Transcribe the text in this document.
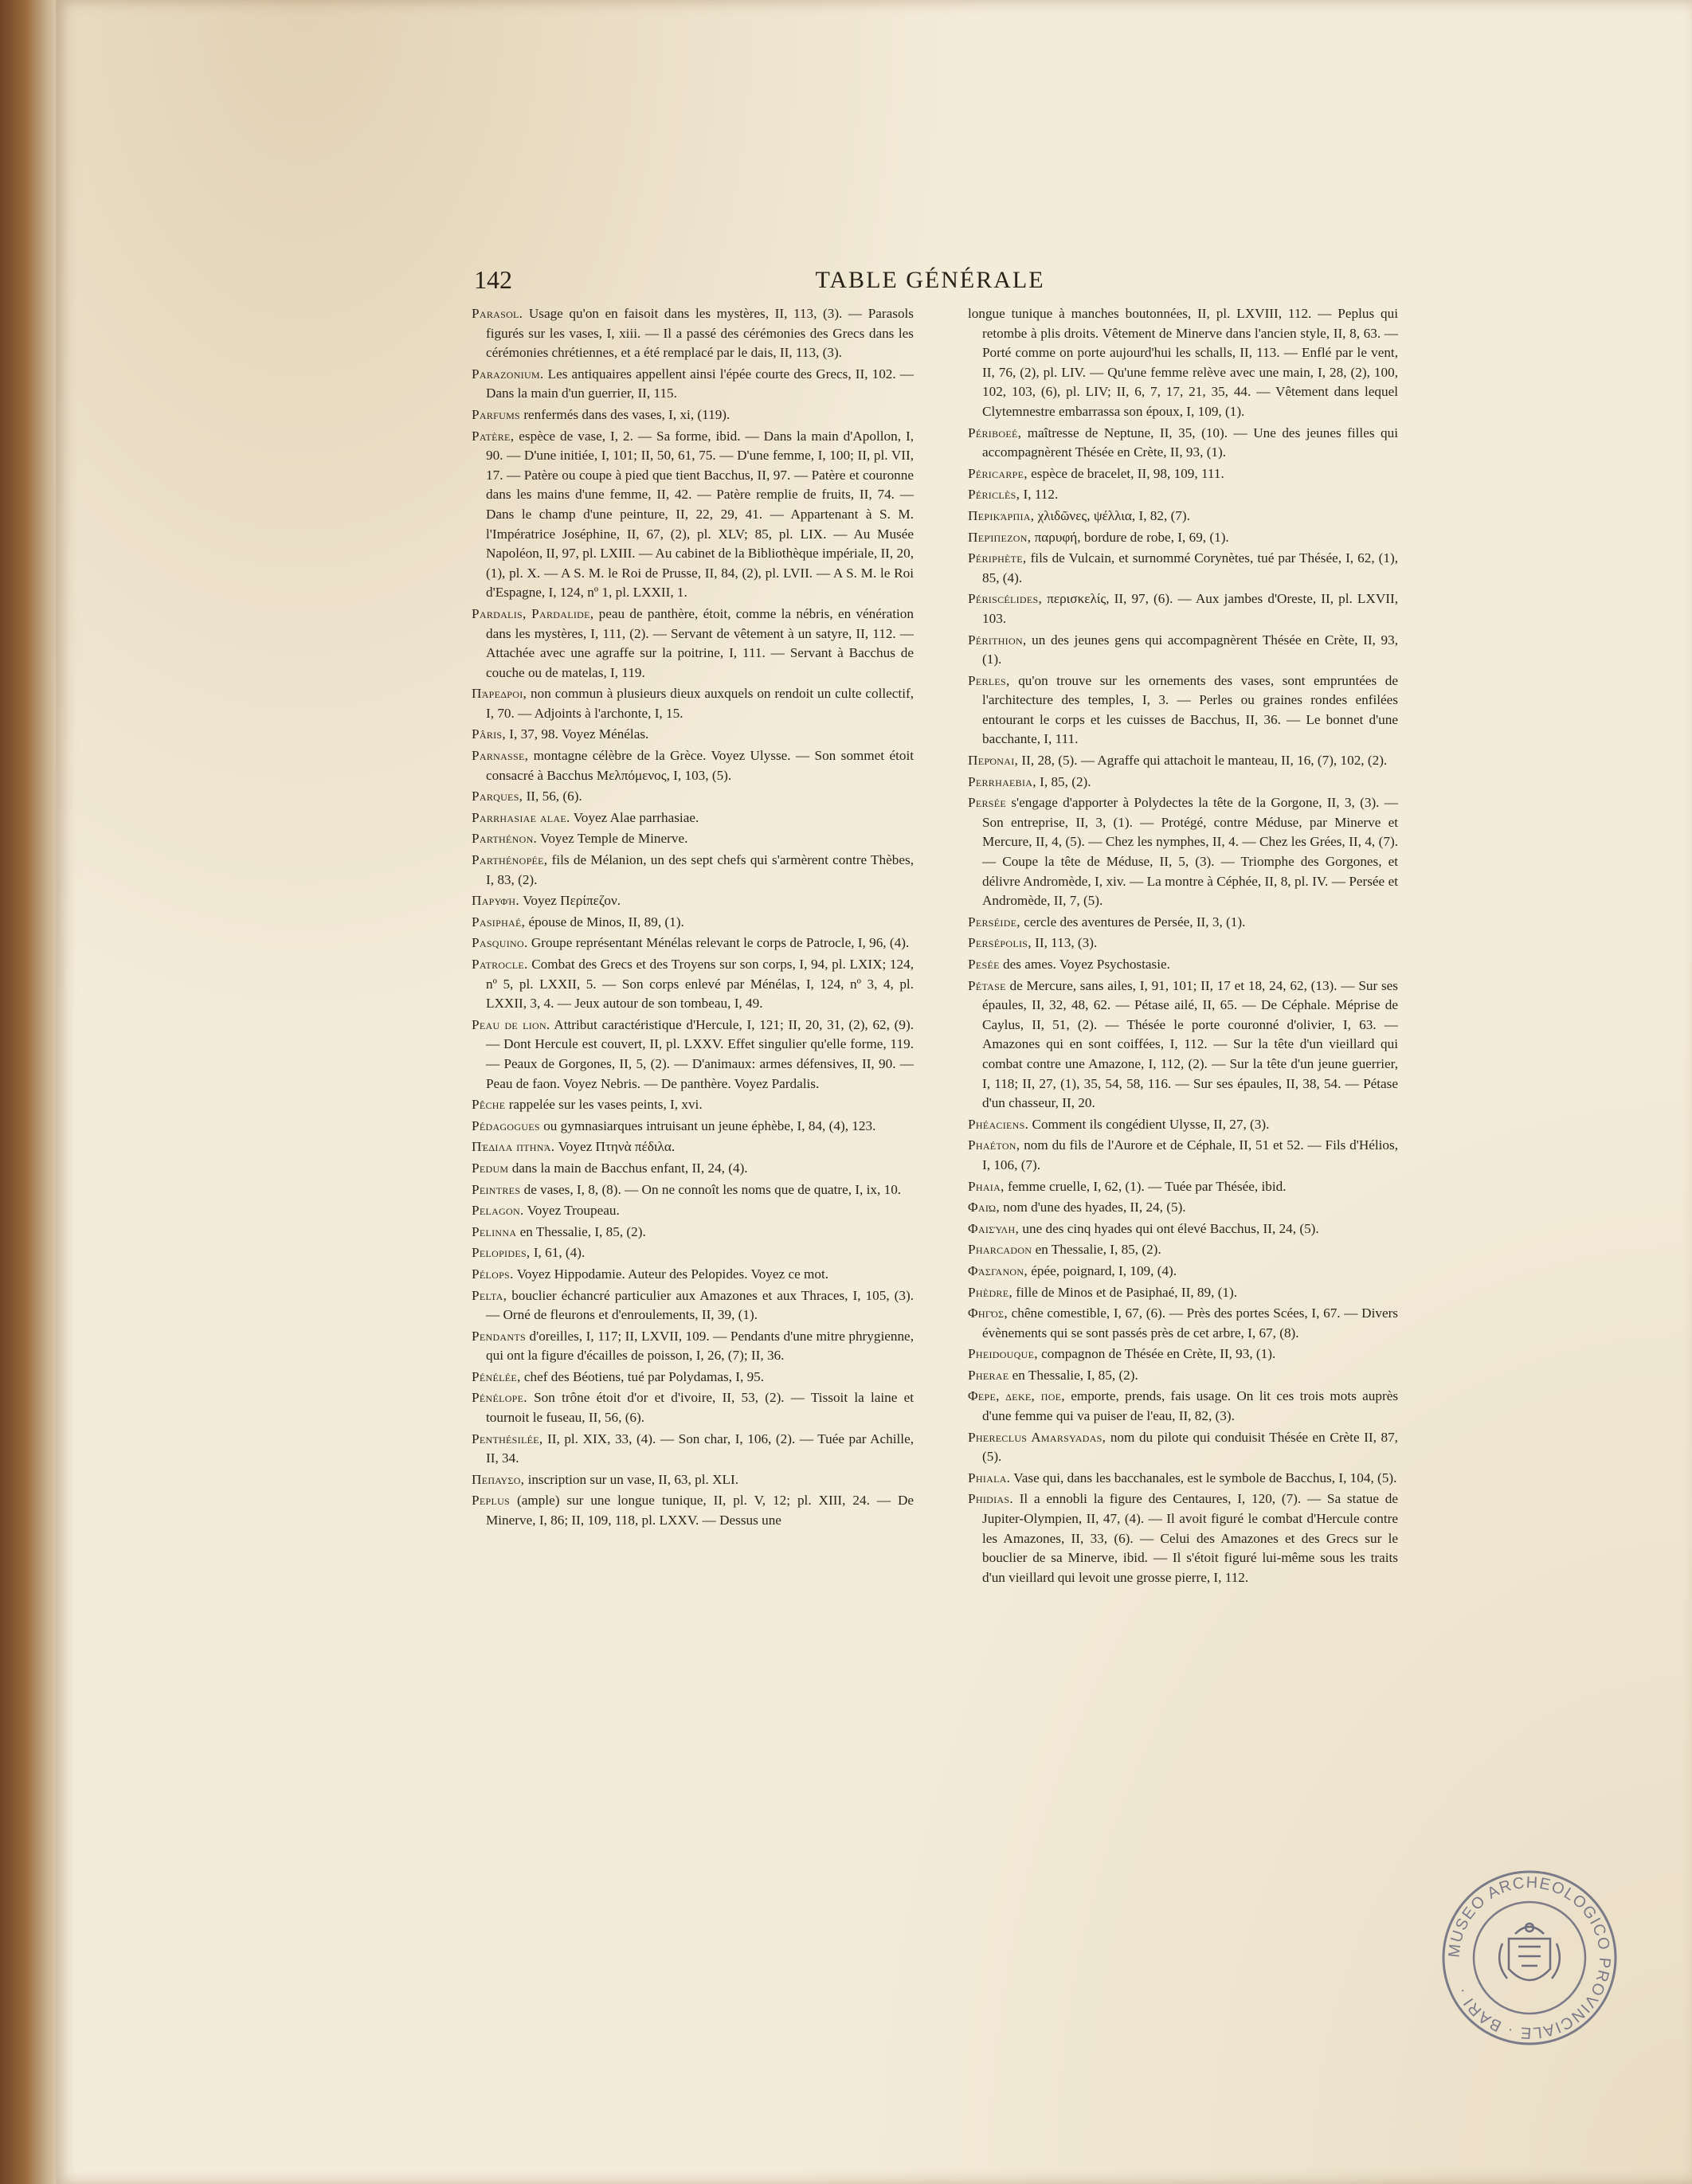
142	TABLE GÉNÉRALE

Parasol. Usage qu'on en faisoit dans les mystères, II, 113, (3). — Parasols figurés sur les vases, I, xiii. — Il a passé des cérémonies des Grecs dans les cérémonies chrétiennes, et a été remplacé par le dais, II, 113, (3).

Parazonium. Les antiquaires appellent ainsi l'épée courte des Grecs, II, 102. — Dans la main d'un guerrier, II, 115.

Parfums renfermés dans des vases, I, xi, (119).

Patère, espèce de vase, I, 2. — Sa forme, ibid. — Dans la main d'Apollon, I, 90. — D'une initiée, I, 101; II, 50, 61, 75. — D'une femme, I, 100; II, pl. VII, 17. — Patère ou coupe à pied que tient Bacchus, II, 97. — Patère et couronne dans les mains d'une femme, II, 42. — Patère remplie de fruits, II, 74. — Dans le champ d'une peinture, II, 22, 29, 41. — Appartenant à S. M. l'Impératrice Joséphine, II, 67, (2), pl. XLV; 85, pl. LIX. — Au Musée Napoléon, II, 97, pl. LXIII. — Au cabinet de la Bibliothèque impériale, II, 20, (1), pl. X. — A S. M. le Roi de Prusse, II, 84, (2), pl. LVII. — A S. M. le Roi d'Espagne, I, 124, nº 1, pl. LXXII, 1.

Pardalis, Pardalide, peau de panthère, étoit, comme la nébris, en vénération dans les mystères, I, 111, (2). — Servant de vêtement à un satyre, II, 112. — Attachée avec une agraffe sur la poitrine, I, 111. — Servant à Bacchus de couche ou de matelas, I, 119.

Πάρεδροι, non commun à plusieurs dieux auxquels on rendoit un culte collectif, I, 70. — Adjoints à l'archonte, I, 15.

Pâris, I, 37, 98. Voyez Ménélas.

Parnasse, montagne célèbre de la Grèce. Voyez Ulysse. — Son sommet étoit consacré à Bacchus Μελπόμενος, I, 103, (5).

Parques, II, 56, (6).

Parrhasiae alae. Voyez Alae parrhasiae.

Parthénon. Voyez Temple de Minerve.

Parthénopée, fils de Mélanion, un des sept chefs qui s'armèrent contre Thèbes, I, 83, (2).

Παρυφή. Voyez Περίπεζον.

Pasiphaé, épouse de Minos, II, 89, (1).

Pasquino. Groupe représentant Ménélas relevant le corps de Patrocle, I, 96, (4).

Patrocle. Combat des Grecs et des Troyens sur son corps, I, 94, pl. LXIX; 124, nº 5, pl. LXXII, 5. — Son corps enlevé par Ménélas, I, 124, nº 3, 4, pl. LXXII, 3, 4. — Jeux autour de son tombeau, I, 49.

Peau de lion. Attribut caractéristique d'Hercule, I, 121; II, 20, 31, (2), 62, (9). — Dont Hercule est couvert, II, pl. LXXV. Effet singulier qu'elle forme, 119. — Peaux de Gorgones, II, 5, (2). — D'animaux: armes défensives, II, 90. — Peau de faon. Voyez Nebris. — De panthère. Voyez Pardalis.

Pêche rappelée sur les vases peints, I, xvi.

Pédagogues ou gymnasiarques intruisant un jeune éphèbe, I, 84, (4), 123.

Πέδιλα πτηνά. Voyez Πτηνὰ πέδιλα.

Pedum dans la main de Bacchus enfant, II, 24, (4).

Peintres de vases, I, 8, (8). — On ne connoît les noms que de quatre, I, ix, 10.

Pelagon. Voyez Troupeau.

Pelinna en Thessalie, I, 85, (2).

Pelopides, I, 61, (4).

Pélops. Voyez Hippodamie. Auteur des Pelopides. Voyez ce mot.

Pelta, bouclier échancré particulier aux Amazones et aux Thraces, I, 105, (3). — Orné de fleurons et d'enroulements, II, 39, (1).

Pendants d'oreilles, I, 117; II, LXVII, 109. — Pendants d'une mitre phrygienne, qui ont la figure d'écailles de poisson, I, 26, (7); II, 36.

Pénélée, chef des Béotiens, tué par Polydamas, I, 95.

Pénélope. Son trône étoit d'or et d'ivoire, II, 53, (2). — Tissoit la laine et tournoit le fuseau, II, 56, (6).

Penthésilée, II, pl. XIX, 33, (4). — Son char, I, 106, (2). — Tuée par Achille, II, 34.

Πεπαυσο, inscription sur un vase, II, 63, pl. XLI.

Peplus (ample) sur une longue tunique, II, pl. V, 12; pl. XIII, 24. — De Minerve, I, 86; II, 109, 118, pl. LXXV. — Dessus une

longue tunique à manches boutonnées, II, pl. LXVIII, 112. — Peplus qui retombe à plis droits. Vêtement de Minerve dans l'ancien style, II, 8, 63. — Porté comme on porte aujourd'hui les schalls, II, 113. — Enflé par le vent, II, 76, (2), pl. LIV. — Qu'une femme relève avec une main, I, 28, (2), 100, 102, 103, (6), pl. LIV; II, 6, 7, 17, 21, 35, 44. — Vêtement dans lequel Clytemnestre embarrassa son époux, I, 109, (1).

Périboeé, maîtresse de Neptune, II, 35, (10). — Une des jeunes filles qui accompagnèrent Thésée en Crète, II, 93, (1).

Péricarpe, espèce de bracelet, II, 98, 109, 111.

Périclès, I, 112.

Περικάρπια, χλιδῶνες, ψέλλια, I, 82, (7).

Περίπεζον, παρυφή, bordure de robe, I, 69, (1).

Périphète, fils de Vulcain, et surnommé Corynètes, tué par Thésée, I, 62, (1), 85, (4).

Périscélides, περισκελίς, II, 97, (6). — Aux jambes d'Oreste, II, pl. LXVII, 103.

Périthion, un des jeunes gens qui accompagnèrent Thésée en Crète, II, 93, (1).

Perles, qu'on trouve sur les ornements des vases, sont empruntées de l'architecture des temples, I, 3. — Perles ou graines rondes enfilées entourant le corps et les cuisses de Bacchus, II, 36. — Le bonnet d'une bacchante, I, 111.

Περόναι, II, 28, (5). — Agraffe qui attachoit le manteau, II, 16, (7), 102, (2).

Perrhaebia, I, 85, (2).

Persée s'engage d'apporter à Polydectes la tête de la Gorgone, II, 3, (3). — Son entreprise, II, 3, (1). — Protégé, contre Méduse, par Minerve et Mercure, II, 4, (5). — Chez les nymphes, II, 4. — Chez les Grées, II, 4, (7). — Coupe la tête de Méduse, II, 5, (3). — Triomphe des Gorgones, et délivre Andromède, I, xiv. — La montre à Céphée, II, 8, pl. IV. — Persée et Andromède, II, 7, (5).

Perséide, cercle des aventures de Persée, II, 3, (1).

Persépolis, II, 113, (3).

Pesée des ames. Voyez Psychostasie.

Pétase de Mercure, sans ailes, I, 91, 101; II, 17 et 18, 24, 62, (13). — Sur ses épaules, II, 32, 48, 62. — Pétase ailé, II, 65. — De Céphale. Méprise de Caylus, II, 51, (2). — Thésée le porte couronné d'olivier, I, 63. — Amazones qui en sont coiffées, I, 112. — Sur la tête d'un vieillard qui combat contre une Amazone, I, 112, (2). — Sur la tête d'un jeune guerrier, I, 118; II, 27, (1), 35, 54, 58, 116. — Sur ses épaules, II, 38, 54. — Pétase d'un chasseur, II, 20.

Phéaciens. Comment ils congédient Ulysse, II, 27, (3).

Phaéton, nom du fils de l'Aurore et de Céphale, II, 51 et 52. — Fils d'Hélios, I, 106, (7).

Phaia, femme cruelle, I, 62, (1). — Tuée par Thésée, ibid.

Φαιώ, nom d'une des hyades, II, 24, (5).

Φαισύλη, une des cinq hyades qui ont élevé Bacchus, II, 24, (5).

Pharcadon en Thessalie, I, 85, (2).

Φάσγανον, épée, poignard, I, 109, (4).

Phèdre, fille de Minos et de Pasiphaé, II, 89, (1).

Φηγός, chêne comestible, I, 67, (6). — Près des portes Scées, I, 67. — Divers évènements qui se sont passés près de cet arbre, I, 67, (8).

Pheidouque, compagnon de Thésée en Crète, II, 93, (1).

Pherae en Thessalie, I, 85, (2).

Φερε, δεκε, ποε, emporte, prends, fais usage. On lit ces trois mots auprès d'une femme qui va puiser de l'eau, II, 82, (3).

Phereclus Amarsyadas, nom du pilote qui conduisit Thésée en Crète II, 87, (5).

Phiala. Vase qui, dans les bacchanales, est le symbole de Bacchus, I, 104, (5).

Phidias. Il a ennobli la figure des Centaures, I, 120, (7). — Sa statue de Jupiter-Olympien, II, 47, (4). — Il avoit figuré le combat d'Hercule contre les Amazones, II, 33, (6). — Celui des Amazones et des Grecs sur le bouclier de sa Minerve, ibid. — Il s'étoit figuré lui-même sous les traits d'un vieillard qui levoit une grosse pierre, I, 112.

MUSEO ARCHEOLOGICO PROVINCIALE · BARI ·
